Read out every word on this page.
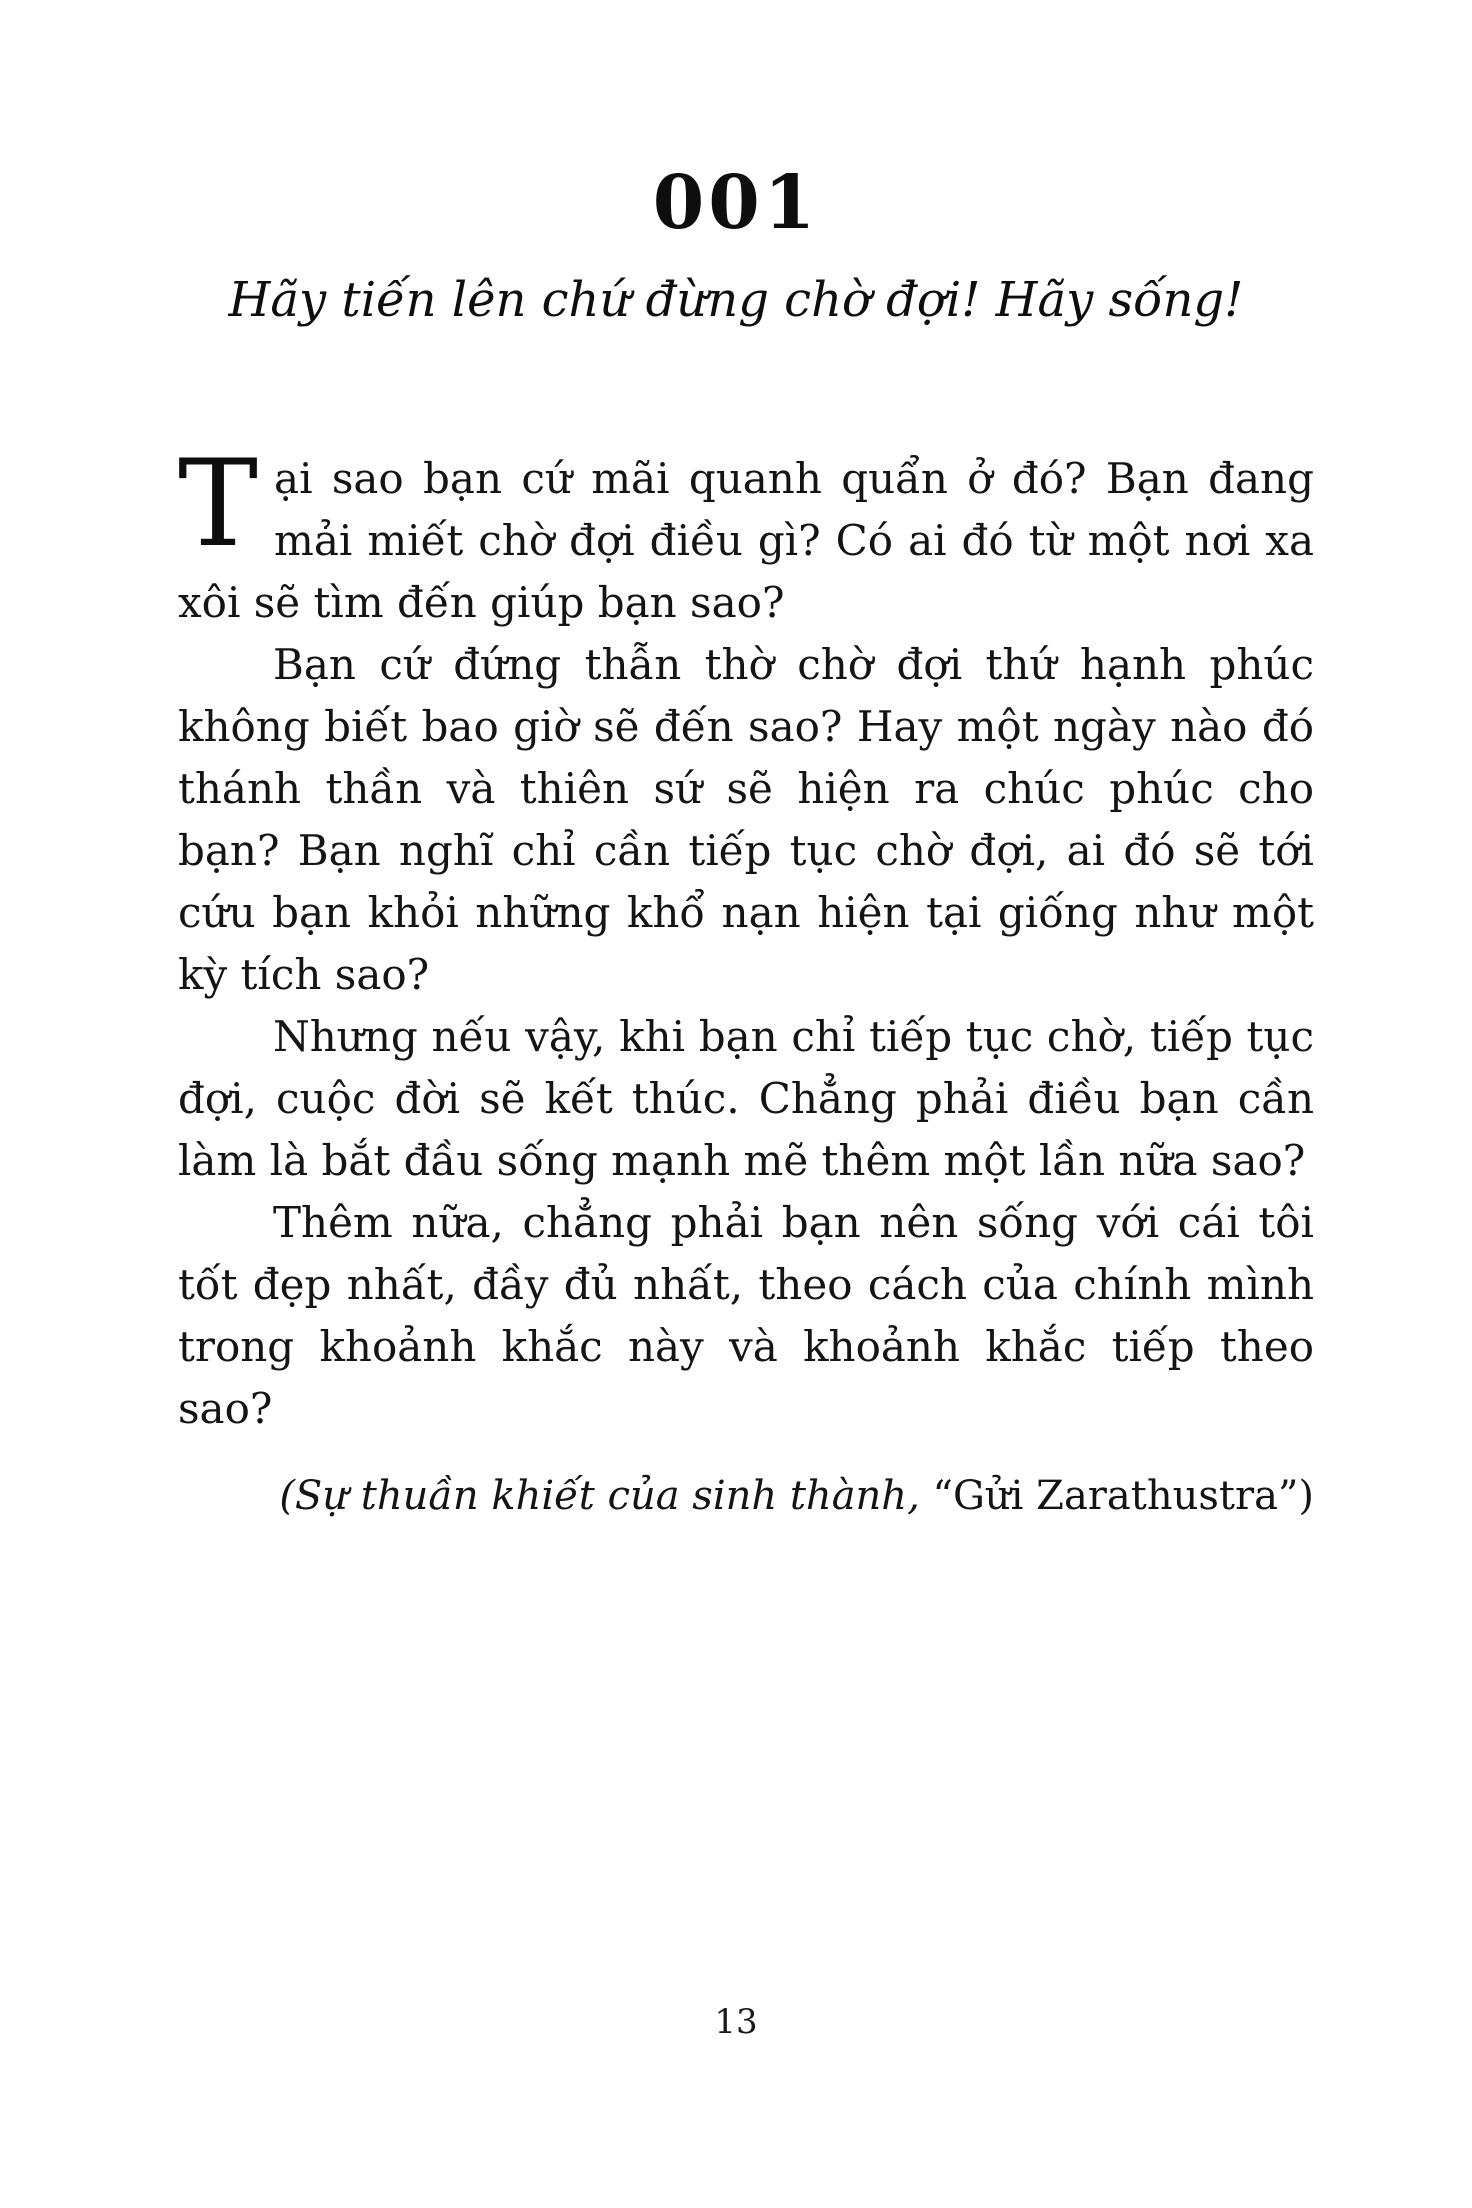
001
Hãy tiến lên chứ đừng chờ đợi! Hãy sống!

Tại sao bạn cứ mãi quanh quẩn ở đó? Bạn đang mải miết chờ đợi điều gì? Có ai đó từ một nơi xa xôi sẽ tìm đến giúp bạn sao?

Bạn cứ đứng thẫn thờ chờ đợi thứ hạnh phúc không biết bao giờ sẽ đến sao? Hay một ngày nào đó thánh thần và thiên sứ sẽ hiện ra chúc phúc cho bạn? Bạn nghĩ chỉ cần tiếp tục chờ đợi, ai đó sẽ tới cứu bạn khỏi những khổ nạn hiện tại giống như một kỳ tích sao?

Nhưng nếu vậy, khi bạn chỉ tiếp tục chờ, tiếp tục đợi, cuộc đời sẽ kết thúc. Chẳng phải điều bạn cần làm là bắt đầu sống mạnh mẽ thêm một lần nữa sao?

Thêm nữa, chẳng phải bạn nên sống với cái tôi tốt đẹp nhất, đầy đủ nhất, theo cách của chính mình trong khoảnh khắc này và khoảnh khắc tiếp theo sao?

(Sự thuần khiết của sinh thành, “Gửi Zarathustra”)
13
